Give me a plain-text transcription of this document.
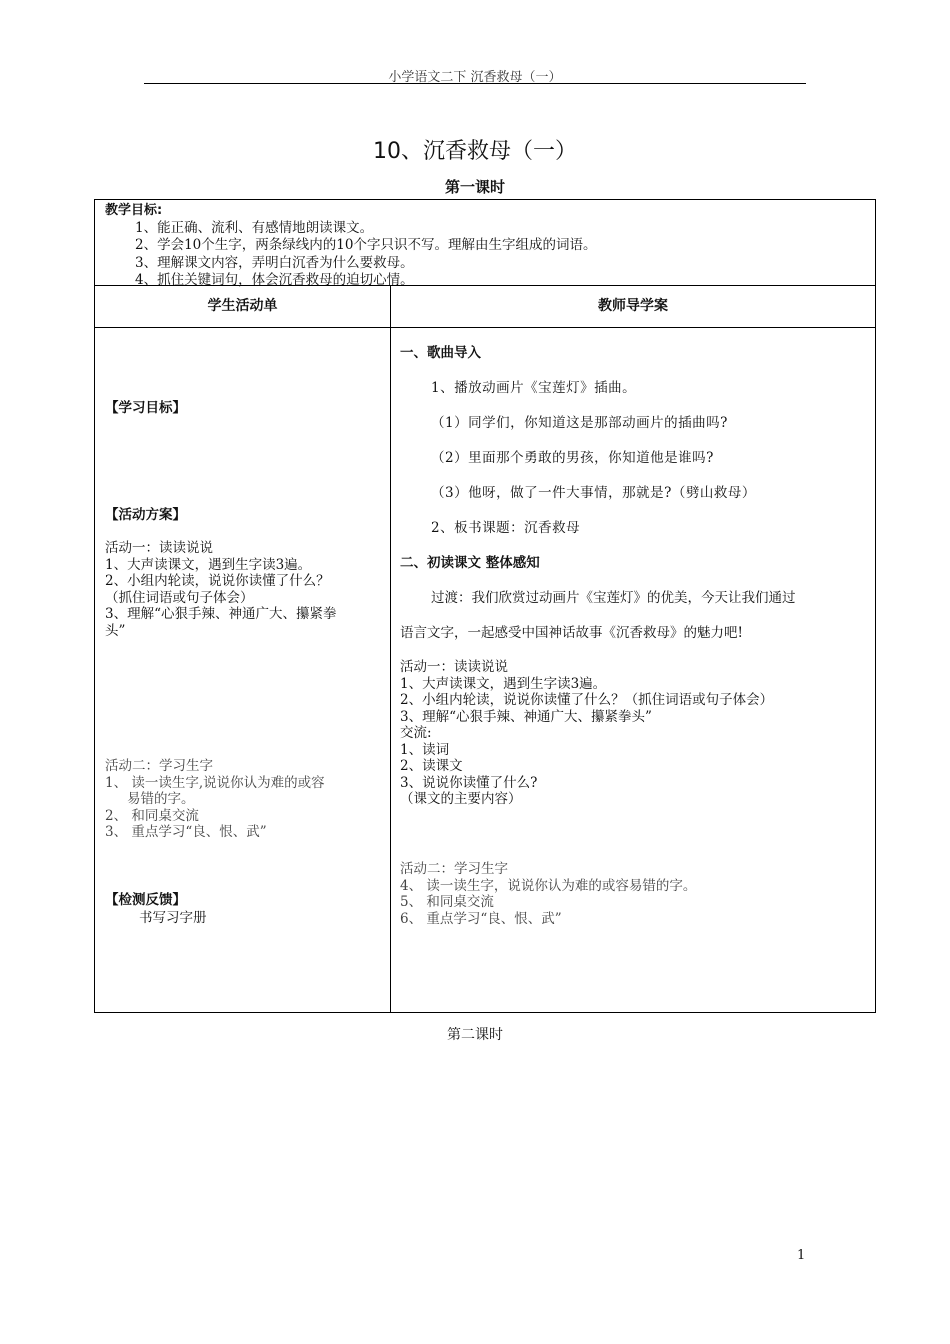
小学语文二下 沉香救母（一）
10、沉香救母（一）
第一课时
教学目标:
1、能正确、流利、有感情地朗读课文。
2、学会10个生字，两条绿线内的10个字只识不写。理解由生字组成的词语。
3、理解课文内容，弄明白沉香为什么要救母。
4、抓住关键词句，体会沉香救母的迫切心情。
学生活动单	教师导学案
【学习目标】
【活动方案】
活动一：读读说说
1、大声读课文，遇到生字读3遍。
2、小组内轮读，说说你读懂了什么？
（抓住词语或句子体会）
3、理解“心狠手辣、神通广大、攥紧拳
头”
活动二：学习生字
1、 读一读生字,说说你认为难的或容
易错的字。
2、 和同桌交流
3、 重点学习“良、恨、武”
【检测反馈】
书写习字册
一、歌曲导入
1、播放动画片《宝莲灯》插曲。
（1）同学们，你知道这是那部动画片的插曲吗?
（2）里面那个勇敢的男孩，你知道他是谁吗?
（3）他呀，做了一件大事情，那就是?（劈山救母）
2、板书课题：沉香救母
二、初读课文 整体感知
过渡：我们欣赏过动画片《宝莲灯》的优美，今天让我们通过
语言文字，一起感受中国神话故事《沉香救母》的魅力吧!
活动一：读读说说
1、大声读课文，遇到生字读3遍。
2、小组内轮读，说说你读懂了什么？（抓住词语或句子体会）
3、理解“心狠手辣、神通广大、攥紧拳头”
交流:
1、读词
2、读课文
3、说说你读懂了什么?
（课文的主要内容）
活动二：学习生字
4、 读一读生字，说说你认为难的或容易错的字。
5、 和同桌交流
6、 重点学习“良、恨、武”
第二课时
1
